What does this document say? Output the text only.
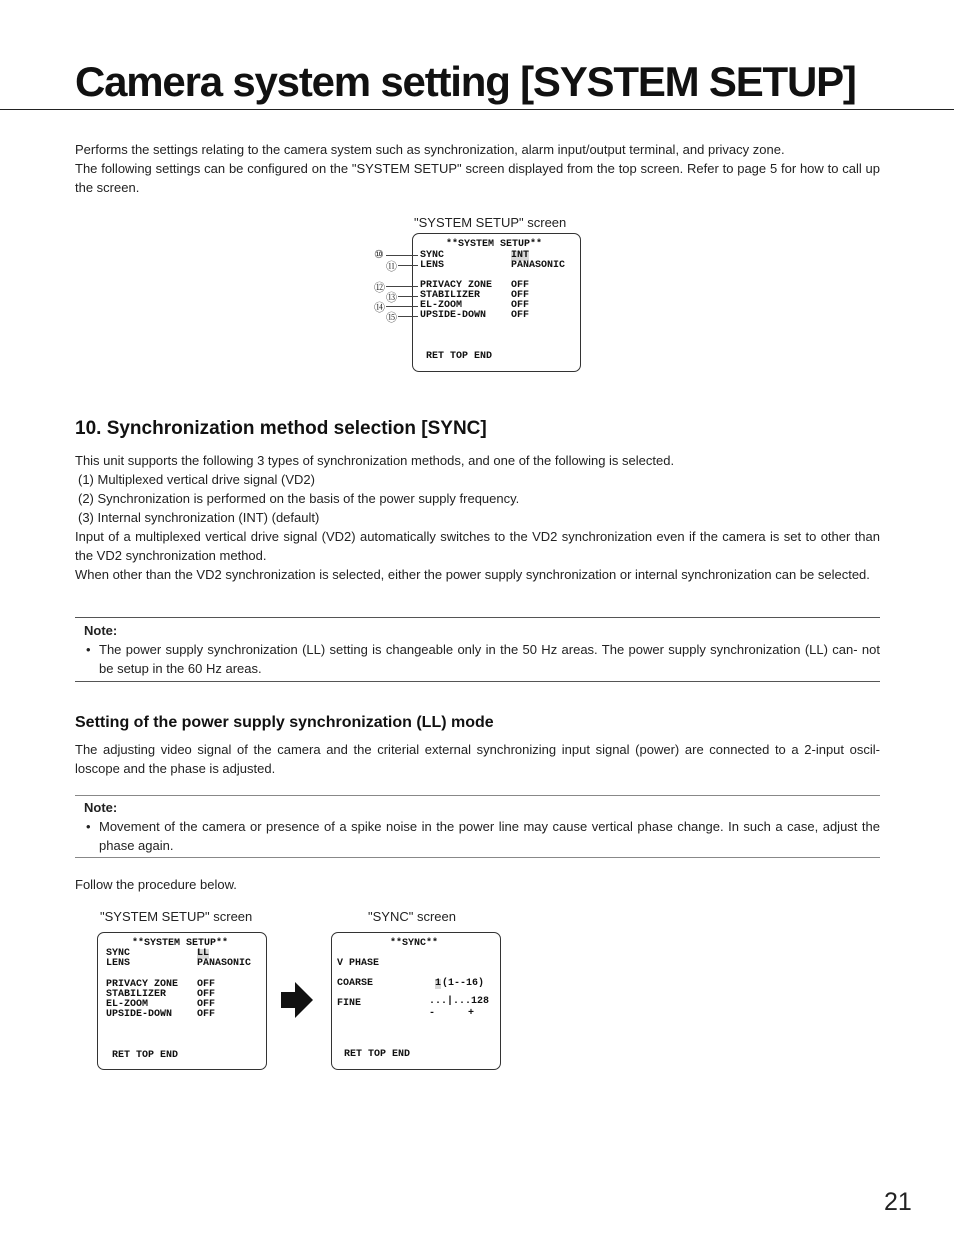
Camera system setting [SYSTEM SETUP]
Performs the settings relating to the camera system such as synchronization, alarm input/output terminal, and privacy zone.
The following settings can be configured on the "SYSTEM SETUP" screen displayed from the top screen. Refer to page 5 for how to call up the screen.
"SYSTEM SETUP" screen
**SYSTEM SETUP**
SYNC	INT
LENS	PANASONIC
PRIVACY ZONE OFF
STABILIZER	OFF
EL-ZOOM	OFF
UPSIDE-DOWN OFF
RET TOP END
⑩
⑪
⑫
⑬
⑭
⑮
10. Synchronization method selection [SYNC]
This unit supports the following 3 types of synchronization methods, and one of the following is selected.
(1) Multiplexed vertical drive signal (VD2)
(2) Synchronization is performed on the basis of the power supply frequency.
(3) Internal synchronization (INT) (default)
Input of a multiplexed vertical drive signal (VD2) automatically switches to the VD2 synchronization even if the camera is set to other than the VD2 synchronization method.
When other than the VD2 synchronization is selected, either the power supply synchronization or internal synchronization can be selected.
Note:
• The power supply synchronization (LL) setting is changeable only in the 50 Hz areas. The power supply synchronization (LL) can- not be setup in the 60 Hz areas.
Setting of the power supply synchronization (LL) mode
The adjusting video signal of the camera and the criterial external synchronizing input signal (power) are connected to a 2-input oscil- loscope and the phase is adjusted.
Note:
• Movement of the camera or presence of a spike noise in the power line may cause vertical phase change. In such a case, adjust the phase again.
Follow the procedure below.
"SYSTEM SETUP" screen
**SYSTEM SETUP**
SYNC	LL
LENS	PANASONIC
PRIVACY ZONE OFF
STABILIZER	OFF
EL-ZOOM	OFF
UPSIDE-DOWN OFF
RET TOP END
"SYNC" screen
**SYNC**
V PHASE
COARSE	1 (1--16)
FINE	...|...128
-	+
RET TOP END
21
